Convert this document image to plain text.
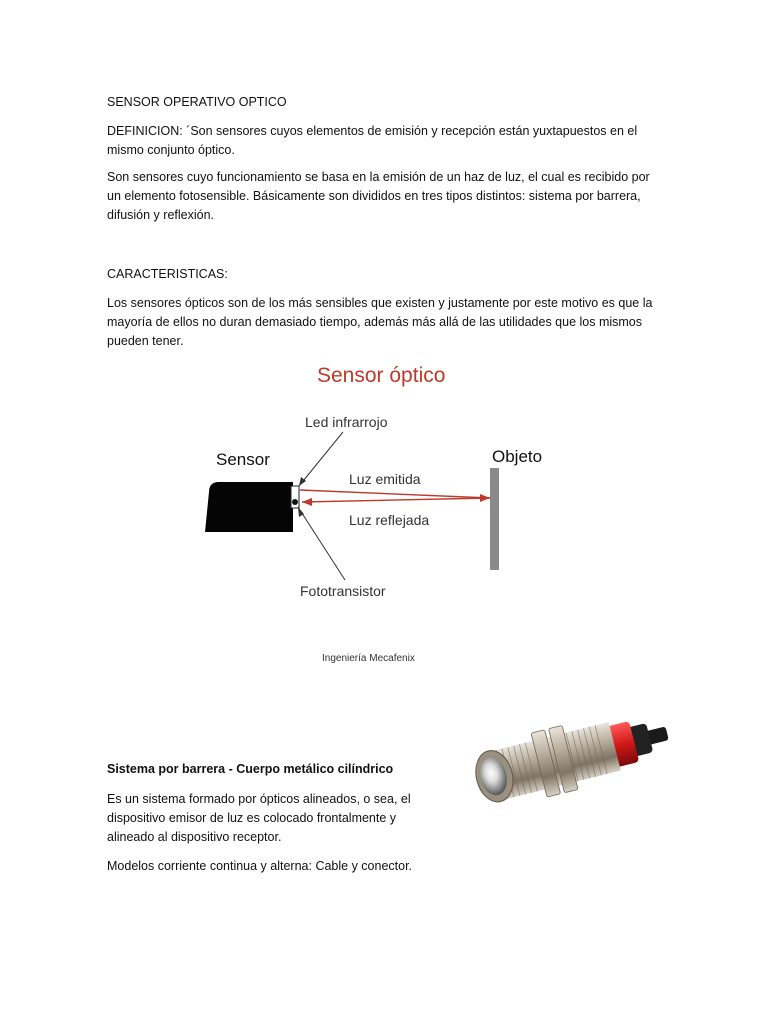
SENSOR OPERATIVO OPTICO
DEFINICION: ´Son sensores cuyos elementos de emisión y recepción están yuxtapuestos en el mismo conjunto óptico.
Son sensores cuyo funcionamiento se basa en la emisión de un haz de luz, el cual es recibido por un elemento fotosensible. Básicamente son divididos en tres tipos distintos: sistema por barrera, difusión y reflexión.
CARACTERISTICAS:
Los sensores ópticos son de los más sensibles que existen y justamente por este motivo es que la mayoría de ellos no duran demasiado tiempo, además más allá de las utilidades que los mismos pueden tener.
Sensor óptico
Led infrarrojo
Sensor	Objeto
Luz emitida
Luz reflejada
Fototransistor
Ingeniería Mecafenix
Sistema por barrera - Cuerpo metálico cilíndrico
Es un sistema formado por ópticos alineados, o sea, el dispositivo emisor de luz es colocado frontalmente y alineado al dispositivo receptor.
Modelos corriente continua y alterna: Cable y conector.
